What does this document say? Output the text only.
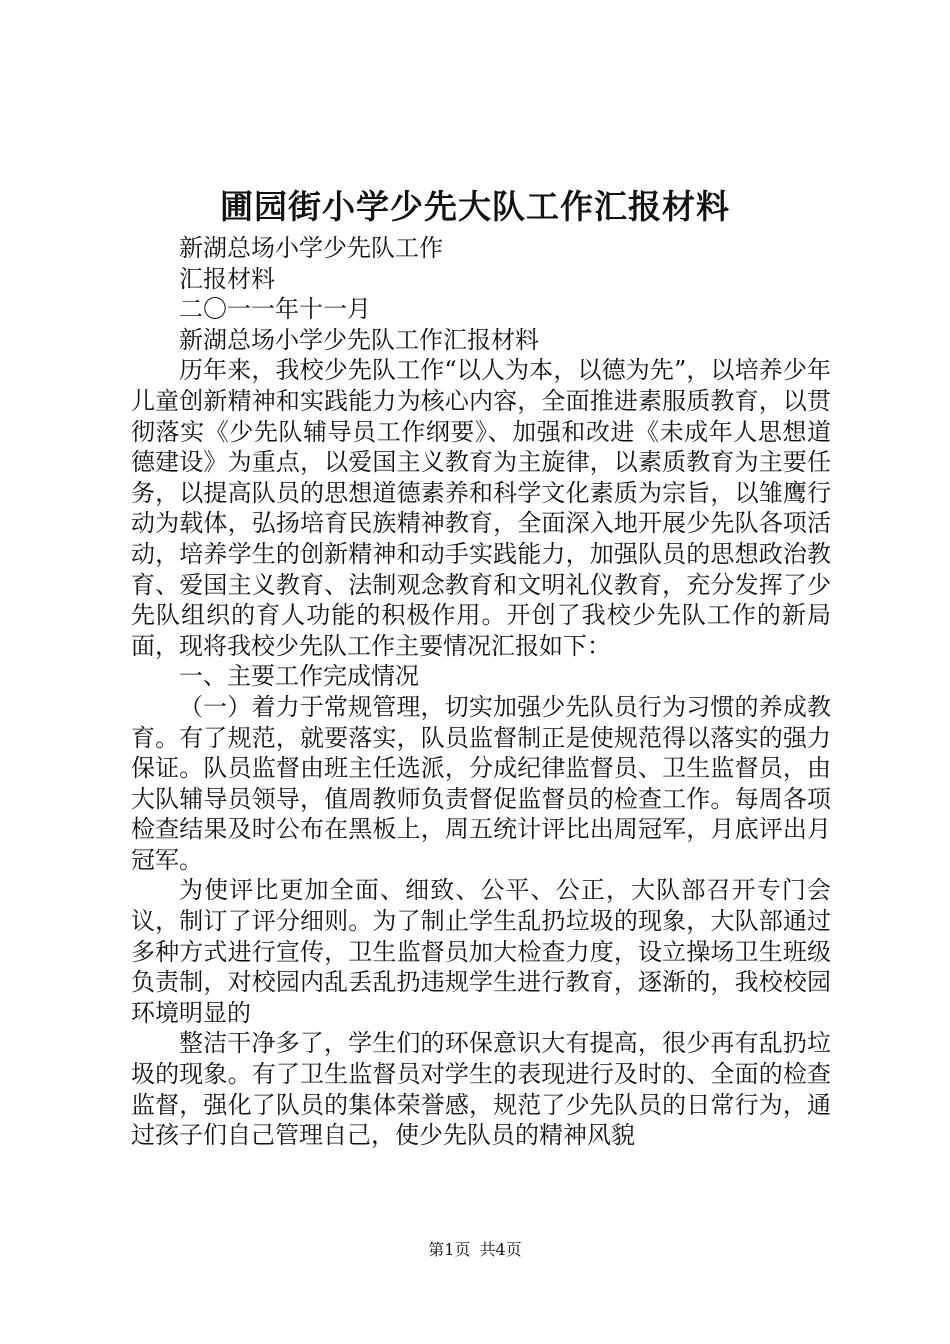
圃园街小学少先大队工作汇报材料

新湖总场小学少先队工作

汇报材料

二〇一一年十一月

新湖总场小学少先队工作汇报材料

历年来，我校少先队工作“以人为本，以德为先”，以培养少年儿童创新精神和实践能力为核心内容，全面推进素服质教育，以贯彻落实《少先队辅导员工作纲要》、加强和改进《未成年人思想道德建设》为重点，以爱国主义教育为主旋律，以素质教育为主要任务，以提高队员的思想道德素养和科学文化素质为宗旨，以雏鹰行动为载体，弘扬培育民族精神教育，全面深入地开展少先队各项活动，培养学生的创新精神和动手实践能力，加强队员的思想政治教育、爱国主义教育、法制观念教育和文明礼仪教育，充分发挥了少先队组织的育人功能的积极作用。开创了我校少先队工作的新局面，现将我校少先队工作主要情况汇报如下：

一、主要工作完成情况

（一）着力于常规管理，切实加强少先队员行为习惯的养成教育。有了规范，就要落实，队员监督制正是使规范得以落实的强力保证。队员监督由班主任选派，分成纪律监督员、卫生监督员，由大队辅导员领导，值周教师负责督促监督员的检查工作。每周各项检查结果及时公布在黑板上，周五统计评比出周冠军，月底评出月冠军。

为使评比更加全面、细致、公平、公正，大队部召开专门会议，制订了评分细则。为了制止学生乱扔垃圾的现象，大队部通过多种方式进行宣传，卫生监督员加大检查力度，设立操场卫生班级负责制，对校园内乱丢乱扔违规学生进行教育，逐渐的，我校校园环境明显的

整洁干净多了，学生们的环保意识大有提高，很少再有乱扔垃圾的现象。有了卫生监督员对学生的表现进行及时的、全面的检查监督，强化了队员的集体荣誉感，规范了少先队员的日常行为，通过孩子们自己管理自己，使少先队员的精神风貌

第1页 共4页
